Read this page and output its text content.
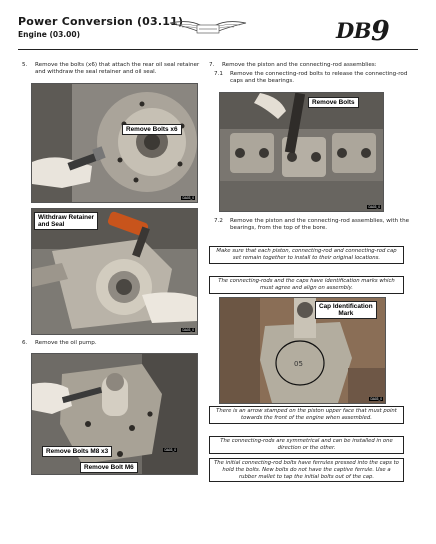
Power Conversion (03.11)
Engine (03.00)	DB9
5.	Remove the bolts (x6) that attach the rear oil seal retainer and withdraw the seal retainer and oil seal.
Remove Bolts x6
DA03_0
Withdraw Retainer
and Seal
DA03_0
6.	Remove the oil pump.
Remove Bolts M8 x3
Remove Bolt M6
DA03_0
7.	Remove the piston and the connecting-rod assemblies:
7.1	Remove the connecting-rod bolts to release the connecting-rod caps and the bearings.
Remove Bolts
DA03_0
7.2	Remove the piston and the connecting-rod assemblies, with the bearings, from the top of the bore.
Make sure that each piston, connecting-rod and connecting-rod cap set remain together to install to their original locations.
The connecting-rods and the caps have identification marks which must agree and align on assembly.
05
Cap Identification
Mark
DA03_0
There is an arrow stamped on the piston upper face that must point towards the front of the engine when assembled.
The connecting-rods are symmetrical and can be installed in one direction or the other.
The initial connecting-rod bolts have ferrules pressed into the caps to hold the bolts. New bolts do not have the captive ferrule. Use a rubber mallet to tap the initial bolts out of the cap.
